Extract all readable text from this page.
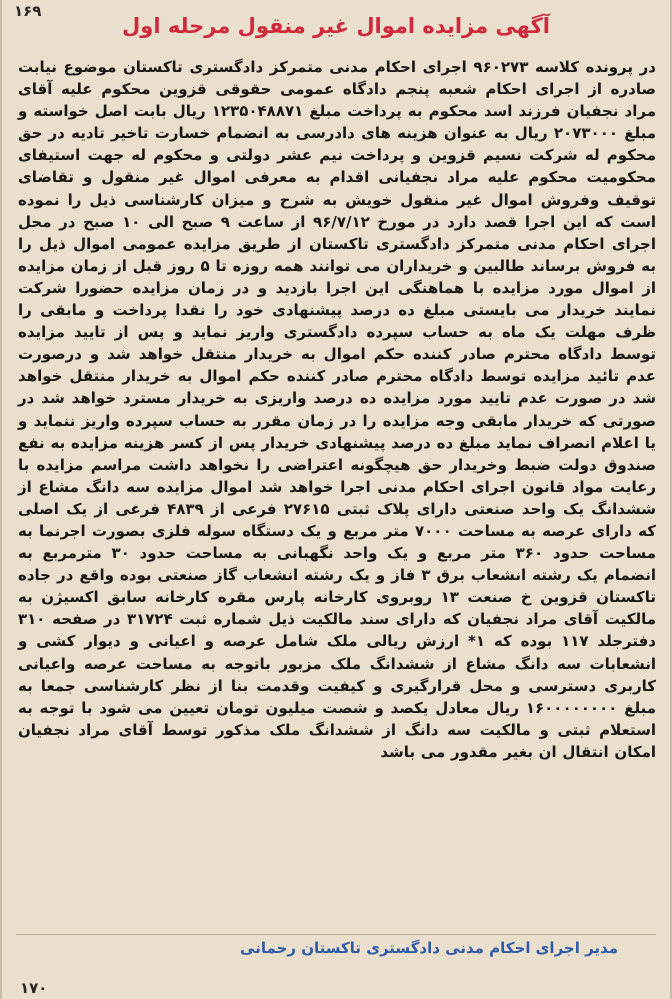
۱۶۹
آگهی مزایده اموال غیر منقول مرحله اول
در پرونده کلاسه ۹۶۰۲۷۳ اجرای احکام مدنی متمرکز دادگستری تاکستان موضوع نیابت صادره از اجرای احکام شعبه پنجم دادگاه عمومی حقوقی قزوین محکوم علیه آقای مراد نجفیان فرزند اسد محکوم به پرداخت مبلغ ۱۲۳۵۰۴۸۸۷۱ ریال بابت اصل خواسته و مبلغ ۲۰۷۳۰۰۰ ریال به عنوان هزینه های دادرسی به انضمام خسارت تاخیر تادیه در حق محکوم له شرکت نسیم قزوین و پرداخت نیم عشر دولتی و محکوم له جهت استیفای محکومیت محکوم علیه مراد نجفیانی اقدام به معرفی اموال غیر منقول و تقاضای توقیف وفروش اموال غیر منقول خویش به شرح و میزان کارشناسی ذیل را نموده است که این اجرا قصد دارد در مورخ ۹۶/۷/۱۲ از ساعت ۹ صبح الی ۱۰ صبح در محل اجرای احکام مدنی متمرکز دادگستری تاکستان از طریق مزایده عمومی اموال ذیل را به فروش برساند طالبین و خریداران می توانند همه روزه تا ۵ روز قبل از زمان مزایده از اموال مورد مزایده با هماهنگی این اجرا بازدید و در زمان مزایده حضورا شرکت نمایند خریدار می بایستی مبلغ ده درصد پیشنهادی خود را نقدا پرداخت و مابقی را ظرف مهلت یک ماه به حساب سپرده دادگستری واریز نماید و پس از تایید مزایده توسط دادگاه محترم صادر کننده حکم اموال به خریدار منتقل خواهد شد و درصورت عدم تائید مزایده توسط دادگاه محترم صادر کننده حکم اموال به خریدار منتقل خواهد شد در صورت عدم تایید مورد مزایده ده درصد واریزی به خریدار مسترد خواهد شد در صورتی که خریدار مابقی وجه مزایده را در زمان مقرر به حساب سپرده واریز ننماید و یا اعلام انصراف نماید مبلغ ده درصد پیشنهادی خریدار پس از کسر هزینه مزایده به نفع صندوق دولت ضبط وخریدار حق هیچگونه اعتراضی را نخواهد داشت مراسم مزایده با رعایت مواد قانون اجرای احکام مدنی اجرا خواهد شد اموال مزایده سه دانگ مشاع از ششدانگ یک واحد صنعتی دارای پلاک ثبتی ۲۷۶۱۵ فرعی از ۴۸۳۹ فرعی از یک اصلی که دارای عرصه به مساحت ۷۰۰۰ متر مربع و یک دستگاه سوله فلزی بصورت اجرنما به مساحت حدود ۳۶۰ متر مربع و یک واحد نگهبانی به مساحت حدود ۳۰ مترمربع به انضمام یک رشته انشعاب برق ۳ فاز و یک رشته انشعاب گاز صنعتی بوده واقع در جاده تاکستان قزوین خ صنعت ۱۳ روبروی کارخانه پارس مقره کارخانه سابق اکسیژن به مالکیت آقای مراد نجفیان که دارای سند مالکیت ذیل شماره ثبت ۳۱۷۲۴ در صفحه ۳۱۰ دفترجلد ۱۱۷ بوده که ۱* ارزش ریالی ملک شامل عرصه و اعیانی و دیوار کشی و انشعابات سه دانگ مشاع از ششدانگ ملک مزبور باتوجه به مساحت عرصه واعیانی کاربری دسترسی و محل قرارگیری و کیفیت وقدمت بنا از نظر کارشناسی جمعا به مبلغ ۱۶۰۰۰۰۰۰۰۰ ریال معادل یکصد و شصت میلیون تومان تعیین می شود با توجه به استعلام ثبتی و مالکیت سه دانگ از ششدانگ ملک مذکور توسط آقای مراد نجفیان امکان انتقال ان بغیر مقدور می باشد
مدیر اجرای احکام مدنی دادگستری تاکستان رحمانی
۱۷۰
